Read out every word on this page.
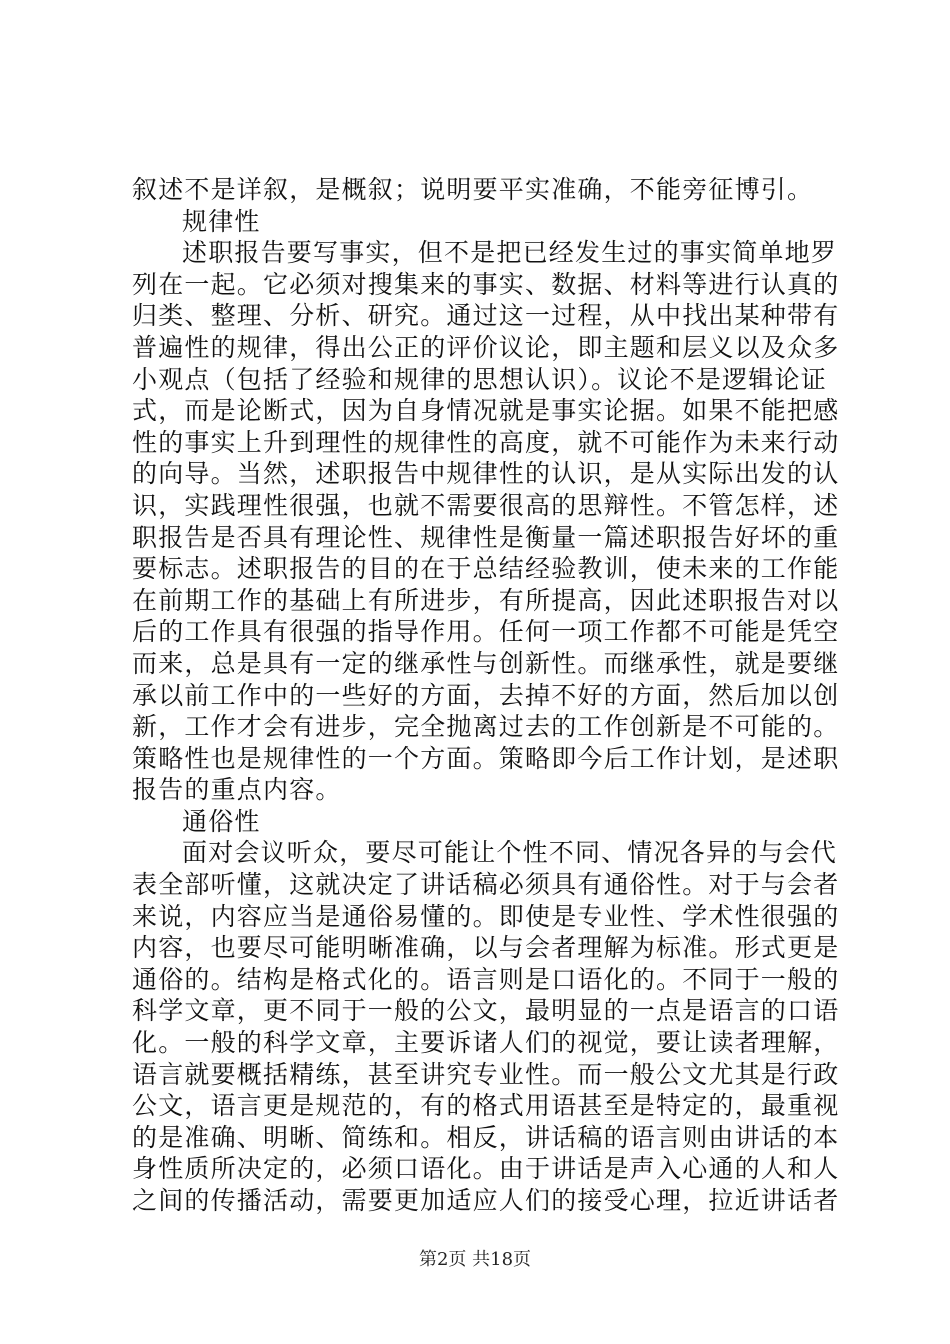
叙述不是详叙，是概叙；说明要平实准确，不能旁征博引。
规律性
述职报告要写事实，但不是把已经发生过的事实简单地罗
列在一起。它必须对搜集来的事实、数据、材料等进行认真的
归类、整理、分析、研究。通过这一过程，从中找出某种带有
普遍性的规律，得出公正的评价议论，即主题和层义以及众多
小观点（包括了经验和规律的思想认识）。议论不是逻辑论证
式，而是论断式，因为自身情况就是事实论据。如果不能把感
性的事实上升到理性的规律性的高度，就不可能作为未来行动
的向导。当然，述职报告中规律性的认识，是从实际出发的认
识，实践理性很强，也就不需要很高的思辩性。不管怎样，述
职报告是否具有理论性、规律性是衡量一篇述职报告好坏的重
要标志。述职报告的目的在于总结经验教训，使未来的工作能
在前期工作的基础上有所进步，有所提高，因此述职报告对以
后的工作具有很强的指导作用。任何一项工作都不可能是凭空
而来，总是具有一定的继承性与创新性。而继承性，就是要继
承以前工作中的一些好的方面，去掉不好的方面，然后加以创
新，工作才会有进步，完全抛离过去的工作创新是不可能的。
策略性也是规律性的一个方面。策略即今后工作计划，是述职
报告的重点内容。
通俗性
面对会议听众，要尽可能让个性不同、情况各异的与会代
表全部听懂，这就决定了讲话稿必须具有通俗性。对于与会者
来说，内容应当是通俗易懂的。即使是专业性、学术性很强的
内容，也要尽可能明晰准确，以与会者理解为标准。形式更是
通俗的。结构是格式化的。语言则是口语化的。不同于一般的
科学文章，更不同于一般的公文，最明显的一点是语言的口语
化。一般的科学文章，主要诉诸人们的视觉，要让读者理解，
语言就要概括精练，甚至讲究专业性。而一般公文尤其是行政
公文，语言更是规范的，有的格式用语甚至是特定的，最重视
的是准确、明晰、简练和。相反，讲话稿的语言则由讲话的本
身性质所决定的，必须口语化。由于讲话是声入心通的人和人
之间的传播活动，需要更加适应人们的接受心理，拉近讲话者
第2页 共18页
